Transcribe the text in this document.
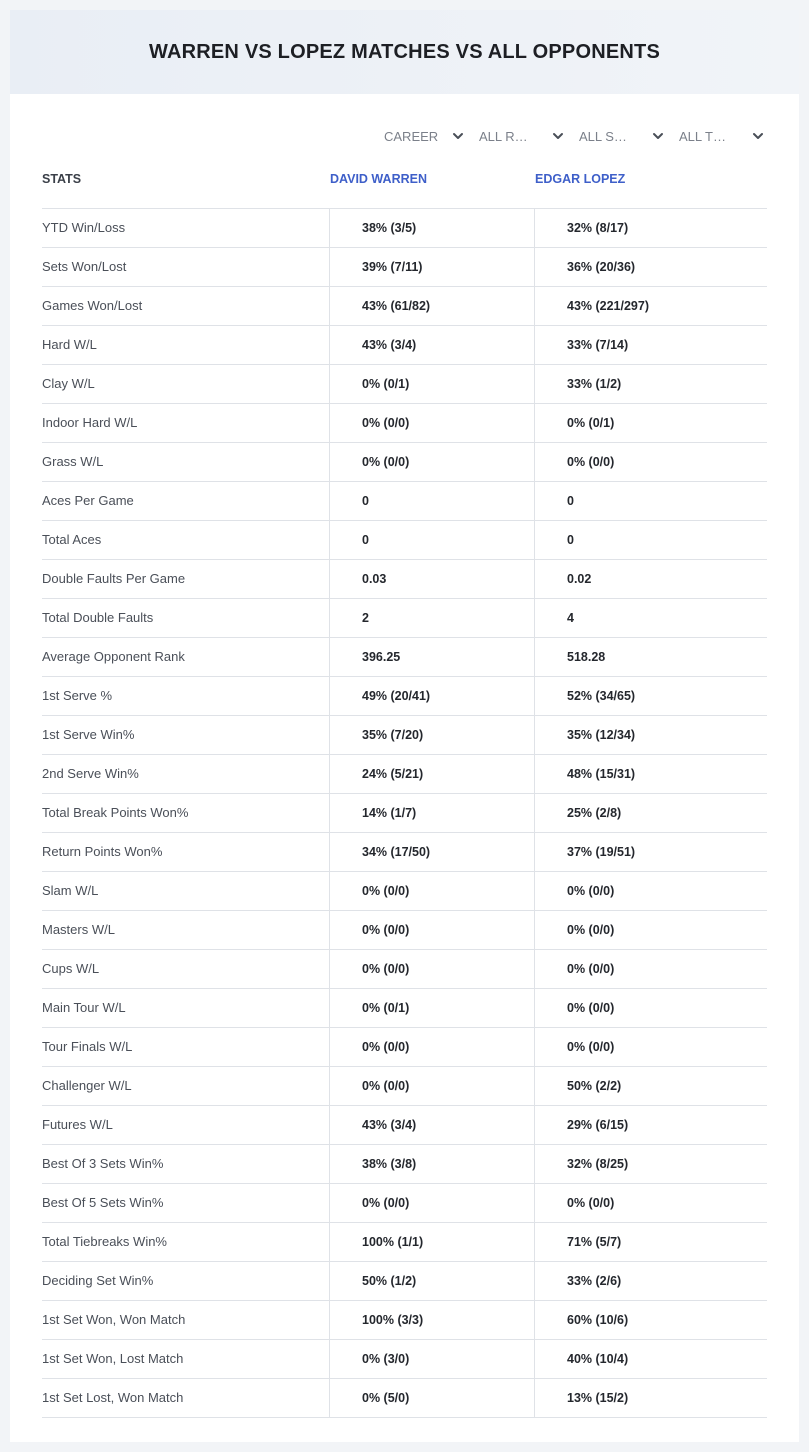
WARREN VS LOPEZ MATCHES VS ALL OPPONENTS
CAREER	ALL R…	ALL S…	ALL T…
STATS	DAVID WARREN	EDGAR LOPEZ
YTD Win/Loss	38% (3/5)	32% (8/17)
Sets Won/Lost	39% (7/11)	36% (20/36)
Games Won/Lost	43% (61/82)	43% (221/297)
Hard W/L	43% (3/4)	33% (7/14)
Clay W/L	0% (0/1)	33% (1/2)
Indoor Hard W/L	0% (0/0)	0% (0/1)
Grass W/L	0% (0/0)	0% (0/0)
Aces Per Game	0	0
Total Aces	0	0
Double Faults Per Game	0.03	0.02
Total Double Faults	2	4
Average Opponent Rank	396.25	518.28
1st Serve %	49% (20/41)	52% (34/65)
1st Serve Win%	35% (7/20)	35% (12/34)
2nd Serve Win%	24% (5/21)	48% (15/31)
Total Break Points Won%	14% (1/7)	25% (2/8)
Return Points Won%	34% (17/50)	37% (19/51)
Slam W/L	0% (0/0)	0% (0/0)
Masters W/L	0% (0/0)	0% (0/0)
Cups W/L	0% (0/0)	0% (0/0)
Main Tour W/L	0% (0/1)	0% (0/0)
Tour Finals W/L	0% (0/0)	0% (0/0)
Challenger W/L	0% (0/0)	50% (2/2)
Futures W/L	43% (3/4)	29% (6/15)
Best Of 3 Sets Win%	38% (3/8)	32% (8/25)
Best Of 5 Sets Win%	0% (0/0)	0% (0/0)
Total Tiebreaks Win%	100% (1/1)	71% (5/7)
Deciding Set Win%	50% (1/2)	33% (2/6)
1st Set Won, Won Match	100% (3/3)	60% (10/6)
1st Set Won, Lost Match	0% (3/0)	40% (10/4)
1st Set Lost, Won Match	0% (5/0)	13% (15/2)
